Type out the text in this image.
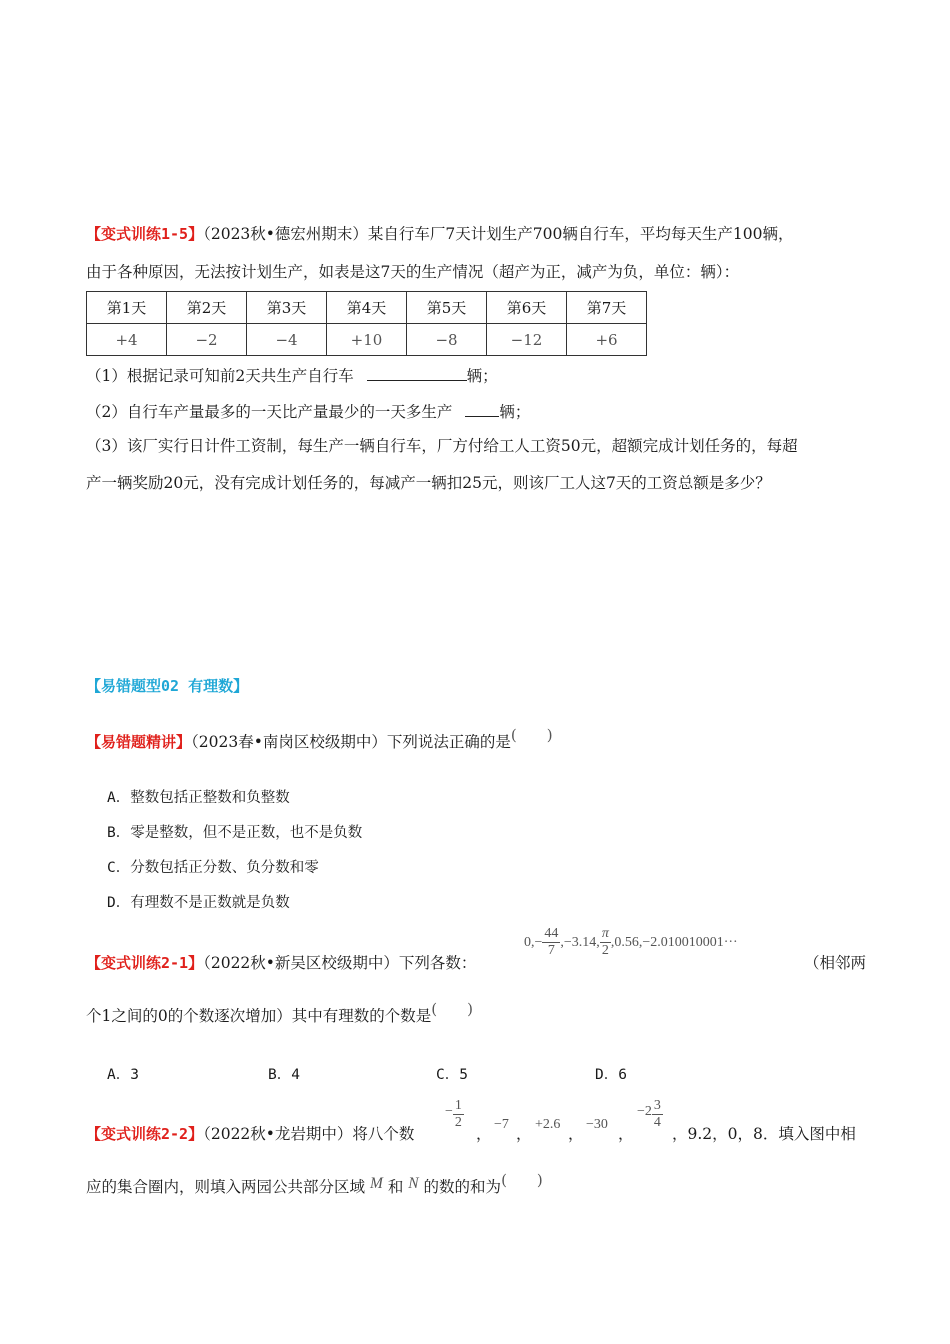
【变式训练1-5】（2023秋•德宏州期末）某自行车厂7天计划生产700辆自行车，平均每天生产100辆，
由于各种原因，无法按计划生产，如表是这7天的生产情况（超产为正，减产为负，单位：辆）：
第1天	第2天	第3天	第4天	第5天	第6天	第7天
+4	−2	−4	+10	−8	−12	+6
（1）根据记录可知前2天共生产自行车	辆；
（2）自行车产量最多的一天比产量最少的一天多生产	辆；
（3）该厂实行日计件工资制，每生产一辆自行车，厂方付给工人工资50元，超额完成计划任务的，每超
产一辆奖励20元，没有完成计划任务的，每减产一辆扣25元，则该厂工人这7天的工资总额是多少？
【易错题型02 有理数】
【易错题精讲】（2023春•南岗区校级期中）下列说法正确的是(　　)
A．整数包括正整数和负整数
B．零是整数，但不是正数，也不是负数
C．分数包括正分数、负分数和零
D．有理数不是正数就是负数
【变式训练2-1】（2022秋•新吴区校级期中）下列各数：
$0,- \frac{44}{7} ,-3.14$, $\frac{\pi}{2} ,0.56,-2.010010001\cdot\cdot\cdot$
（相邻两
个1之间的0的个数逐次增加）其中有理数的个数是(　　)
A．3	B．4	C．5	D．6
【变式训练2-2】（2022秋•龙岩期中）将八个数
− $\frac{1}{2}$
，
−7
，
+2.6
，
−30
，
$-2 \frac{3}{4}$
，9.2，0，8．填入图中相
应的集合圈内，则填入两园公共部分区域 M 和 N 的数的和为(　　)
